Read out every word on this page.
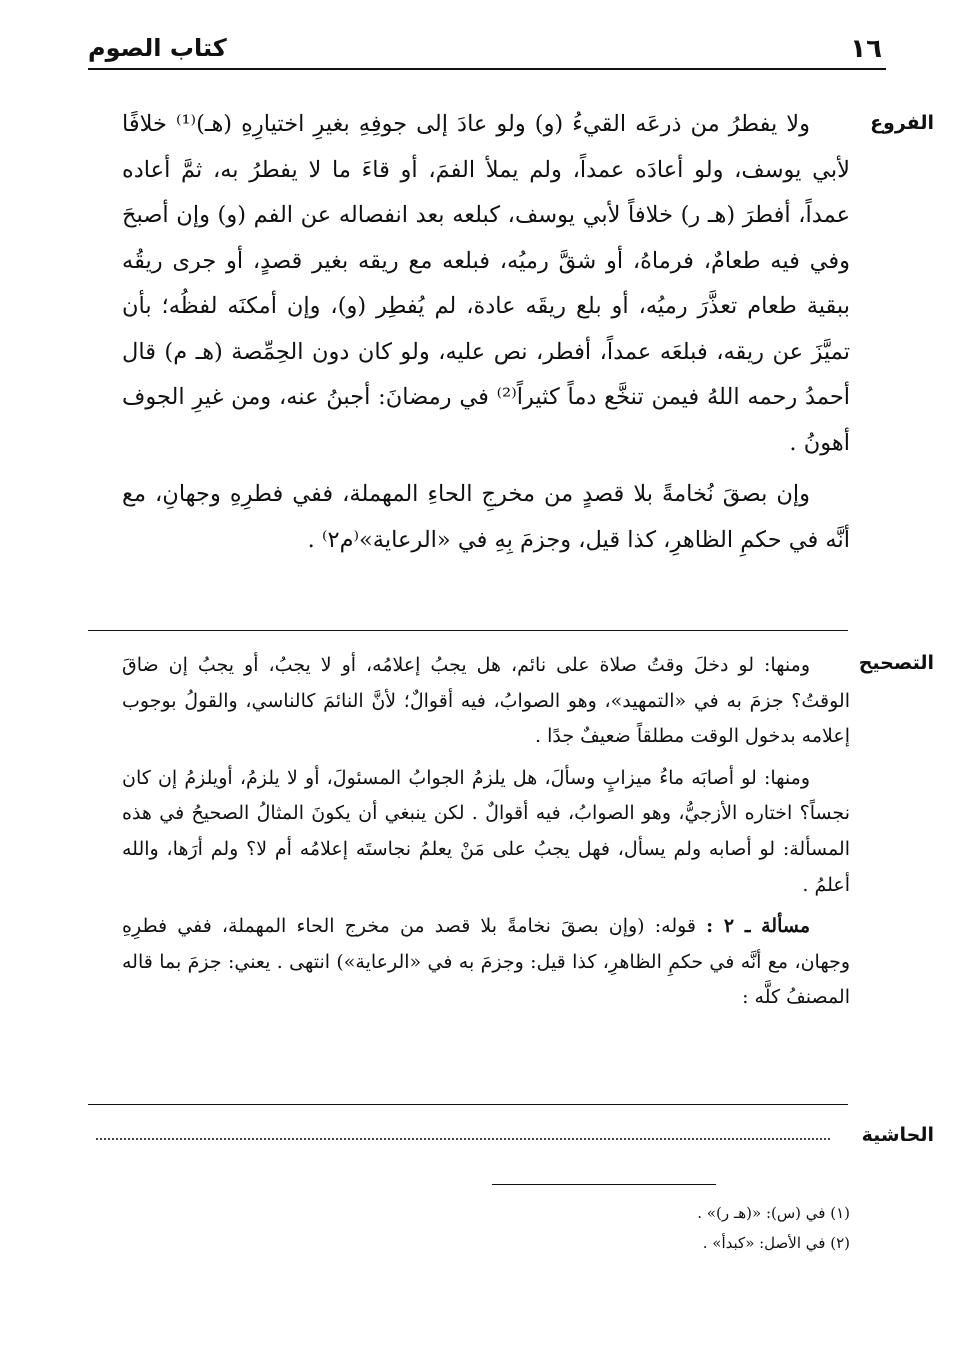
١٦
كتاب الصوم
الفروع

ولا يفطرُ من ذرعَه القيءُ (و) ولو عادَ إلى جوفِهِ بغيرِ اختيارِهِ (هـ)⁽¹⁾ خلافًا لأبي يوسف، ولو أعادَه عمداً، ولم يملأ الفمَ، أو قاءَ ما لا يفطرُ به، ثمَّ أعاده عمداً، أفطرَ (هـ ر) خلافاً لأبي يوسف، كبلعه بعد انفصاله عن الفم (و) وإن أصبحَ وفي فيه طعامٌ، فرماهُ، أو شقَّ رميُه، فبلعه مع ريقه بغير قصدٍ، أو جرى ريقُه ببقية طعام تعذَّرَ رميُه، أو بلع ريقَه عادة، لم يُفطِر (و)، وإن أمكنَه لفظُه؛ بأن تميَّزَ عن ريقه، فبلعَه عمداً، أفطر، نص عليه، ولو كان دون الحِمِّصة (هـ م) قال أحمدُ رحمه اللهُ فيمن تنخَّع دماً كثيراً⁽²⁾ في رمضانَ: أجبنُ عنه، ومن غيرِ الجوف أهونُ .

وإن بصقَ نُخامةً بلا قصدٍ من مخرجِ الحاءِ المهملة، ففي فطرِهِ وجهانِ، مع أنَّه في حكمِ الظاهرِ، كذا قيل، وجزمَ بِهِ في «الرعاية»⁽م٢⁾ .

التصحيح

ومنها: لو دخلَ وقتُ صلاة على نائم، هل يجبُ إعلامُه، أو لا يجبُ، أو يجبُ إن ضاقَ الوقتُ؟ جزمَ به في «التمهيد»، وهو الصوابُ، فيه أقوالٌ؛ لأنَّ النائمَ كالناسي، والقولُ بوجوب إعلامه بدخول الوقت مطلقاً ضعيفٌ جدًا .

ومنها: لو أصابَه ماءُ ميزابٍ وسألَ، هل يلزمُ الجوابُ المسئولَ، أو لا يلزمُ، أويلزمُ إن كان نجساً؟ اختاره الأزجيُّ، وهو الصوابُ، فيه أقوالٌ . لكن ينبغي أن يكونَ المثالُ الصحيحُ في هذه المسألة: لو أصابه ولم يسأل، فهل يجبُ على مَنْ يعلمُ نجاستَه إعلامُه أم لا؟ ولم أرَها، والله أعلمُ .

مسألة ـ ٢ : قوله: (وإن بصقَ نخامةً بلا قصد من مخرج الحاء المهملة، ففي فطرِهِ وجهان، مع أنَّه في حكمِ الظاهرِ، كذا قيل: وجزمَ به في «الرعاية») انتهى . يعني: جزمَ بما قاله المصنفُ كلَّه :

الحاشية
(١) في (س): «(هـ ر)» .
(٢) في الأصل: «كبدأ» .
